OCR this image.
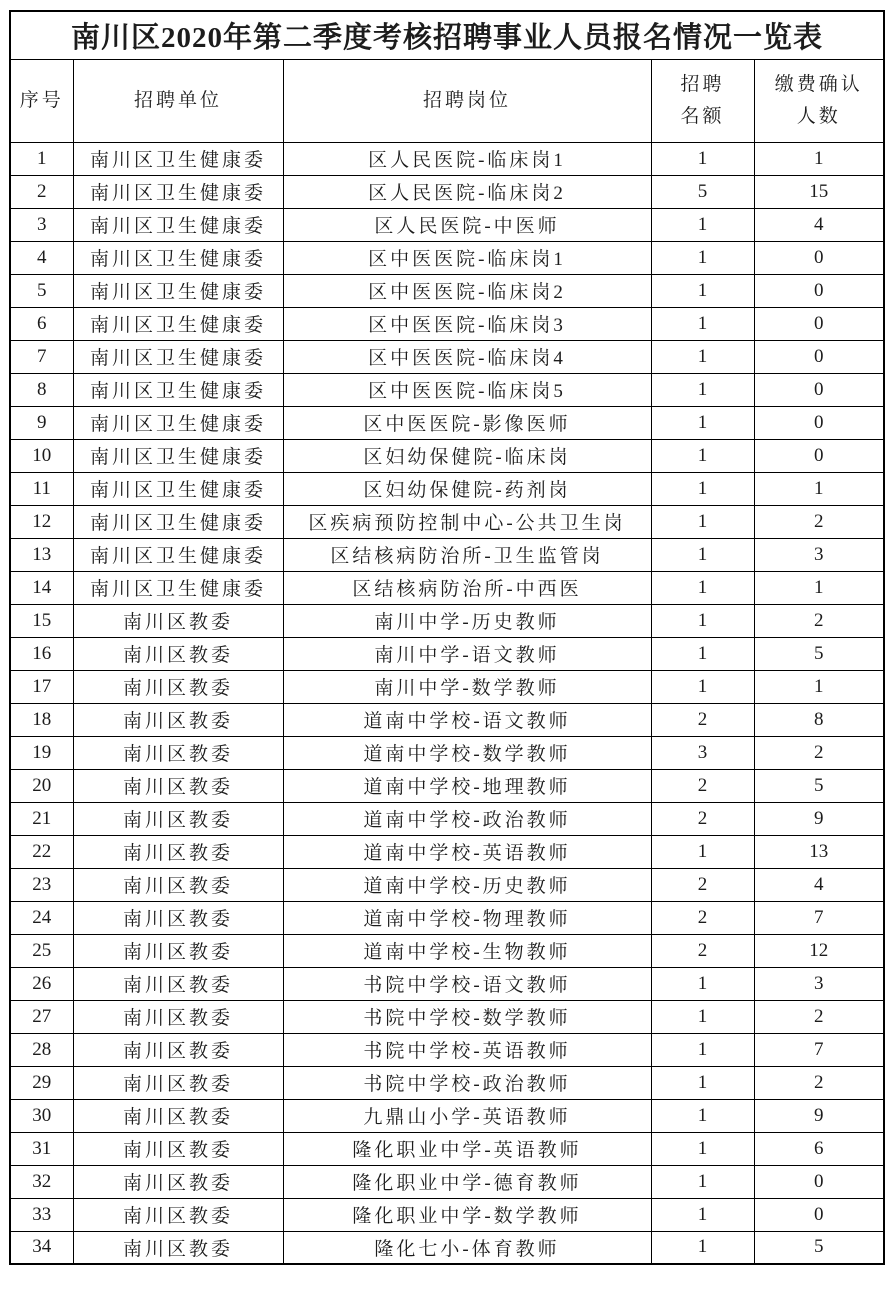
南川区2020年第二季度考核招聘事业人员报名情况一览表				
序号	招聘单位	招聘岗位	招聘名额	缴费确认人数
1	南川区卫生健康委	区人民医院-临床岗1	1	1
2	南川区卫生健康委	区人民医院-临床岗2	5	15
3	南川区卫生健康委	区人民医院-中医师	1	4
4	南川区卫生健康委	区中医医院-临床岗1	1	0
5	南川区卫生健康委	区中医医院-临床岗2	1	0
6	南川区卫生健康委	区中医医院-临床岗3	1	0
7	南川区卫生健康委	区中医医院-临床岗4	1	0
8	南川区卫生健康委	区中医医院-临床岗5	1	0
9	南川区卫生健康委	区中医医院-影像医师	1	0
10	南川区卫生健康委	区妇幼保健院-临床岗	1	0
11	南川区卫生健康委	区妇幼保健院-药剂岗	1	1
12	南川区卫生健康委	区疾病预防控制中心-公共卫生岗	1	2
13	南川区卫生健康委	区结核病防治所-卫生监管岗	1	3
14	南川区卫生健康委	区结核病防治所-中西医	1	1
15	南川区教委	南川中学-历史教师	1	2
16	南川区教委	南川中学-语文教师	1	5
17	南川区教委	南川中学-数学教师	1	1
18	南川区教委	道南中学校-语文教师	2	8
19	南川区教委	道南中学校-数学教师	3	2
20	南川区教委	道南中学校-地理教师	2	5
21	南川区教委	道南中学校-政治教师	2	9
22	南川区教委	道南中学校-英语教师	1	13
23	南川区教委	道南中学校-历史教师	2	4
24	南川区教委	道南中学校-物理教师	2	7
25	南川区教委	道南中学校-生物教师	2	12
26	南川区教委	书院中学校-语文教师	1	3
27	南川区教委	书院中学校-数学教师	1	2
28	南川区教委	书院中学校-英语教师	1	7
29	南川区教委	书院中学校-政治教师	1	2
30	南川区教委	九鼎山小学-英语教师	1	9
31	南川区教委	隆化职业中学-英语教师	1	6
32	南川区教委	隆化职业中学-德育教师	1	0
33	南川区教委	隆化职业中学-数学教师	1	0
34	南川区教委	隆化七小-体育教师	1	5
